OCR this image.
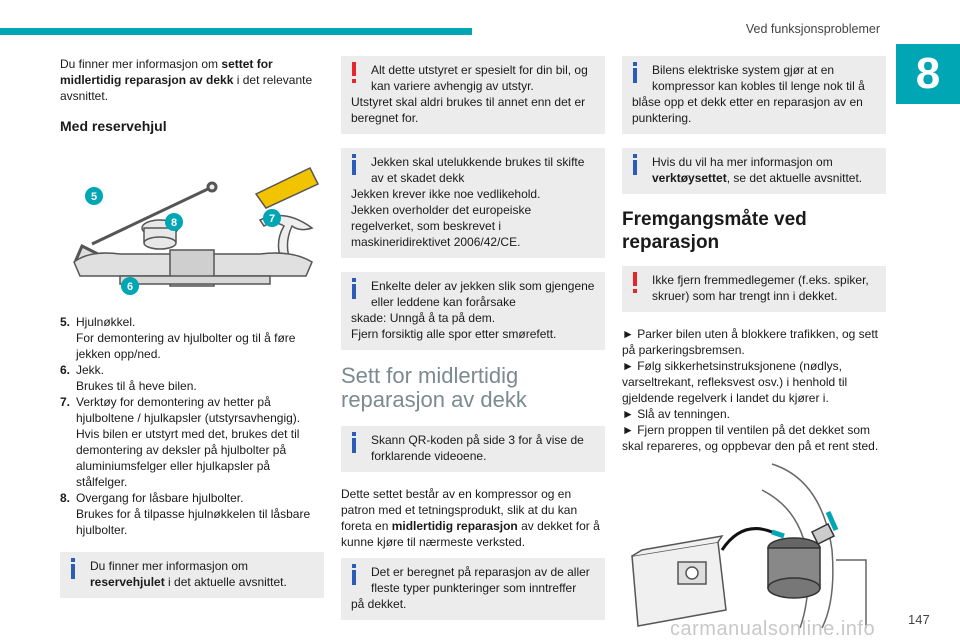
Ved funksjonsproblemer
8

Du finner mer informasjon om settet for midlertidig reparasjon av dekk i det relevante avsnittet.

Med reservehjul
5
8	7
6
5. Hjulnøkkel.
For demontering av hjulbolter og til å føre jekken opp/ned.
6. Jekk.
Brukes til å heve bilen.
7. Verktøy for demontering av hetter på hjulboltene / hjulkapsler (utstyrsavhengig).
Hvis bilen er utstyrt med det, brukes det til demontering av deksler på hjulbolter på aluminiumsfelger eller hjulkapsler på stålfelger.
8. Overgang for låsbare hjulbolter.
Brukes for å tilpasse hjulnøkkelen til låsbare hjulbolter.
Du finner mer informasjon om reservehjulet i det aktuelle avsnittet.
Alt dette utstyret er spesielt for din bil, og kan variere avhengig av utstyr.
Utstyret skal aldri brukes til annet enn det er beregnet for.
Jekken skal utelukkende brukes til skifte av et skadet dekk
Jekken krever ikke noe vedlikehold.
Jekken overholder det europeiske regelverket, som beskrevet i maskineridirektivet 2006/42/CE.
Enkelte deler av jekken slik som gjengene eller leddene kan forårsake
skade: Unngå å ta på dem.
Fjern forsiktig alle spor etter smørefett.
Sett for midlertidig reparasjon av dekk
Skann QR-koden på side 3 for å vise de forklarende videoene.

Dette settet består av en kompressor og en patron med et tetningsprodukt, slik at du kan foreta en midlertidig reparasjon av dekket for å kunne kjøre til nærmeste verksted.

Det er beregnet på reparasjon av de aller fleste typer punkteringer som inntreffer
på dekket.
Bilens elektriske system gjør at en kompressor kan kobles til lenge nok til å
blåse opp et dekk etter en reparasjon av en punktering.
Hvis du vil ha mer informasjon om verktøysettet, se det aktuelle avsnittet.
Fremgangsmåte ved reparasjon
Ikke fjern fremmedlegemer (f.eks. spiker, skruer) som har trengt inn i dekket.

► Parker bilen uten å blokkere trafikken, og sett på parkeringsbremsen.

► Følg sikkerhetsinstruksjonene (nødlys, varseltrekant, refleksvest osv.) i henhold til gjeldende regelverk i landet du kjører i.

► Slå av tenningen.

► Fjern proppen til ventilen på det dekket som skal repareres, og oppbevar den på et rent sted.

carmanualsonline.info	147
